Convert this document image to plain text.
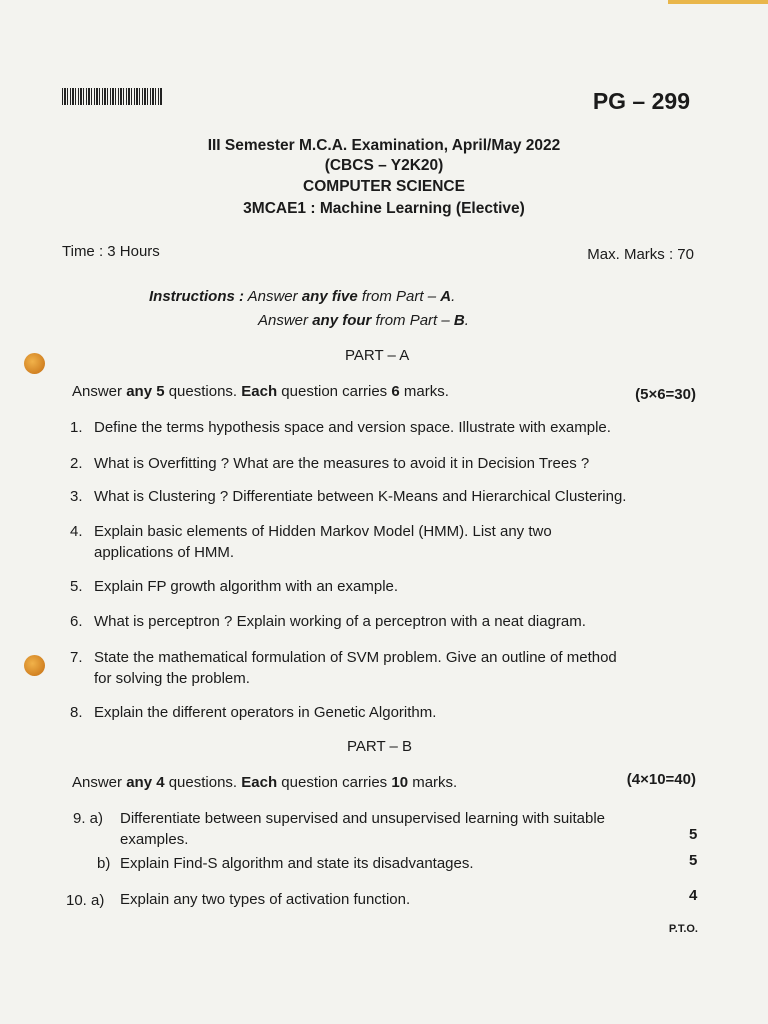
PG – 299
III Semester M.C.A. Examination, April/May 2022
(CBCS – Y2K20)
COMPUTER SCIENCE
3MCAE1 : Machine Learning (Elective)
Time : 3 Hours	Max. Marks : 70
Instructions : Answer any five from Part – A.
Answer any four from Part – B.
PART – A
Answer any 5 questions. Each question carries 6 marks.	(5×6=30)
1. Define the terms hypothesis space and version space. Illustrate with example.
2. What is Overfitting ? What are the measures to avoid it in Decision Trees ?
3. What is Clustering ? Differentiate between K-Means and Hierarchical Clustering.
4. Explain basic elements of Hidden Markov Model (HMM). List any two applications of HMM.
5. Explain FP growth algorithm with an example.
6. What is perceptron ? Explain working of a perceptron with a neat diagram.
7. State the mathematical formulation of SVM problem. Give an outline of method for solving the problem.
8. Explain the different operators in Genetic Algorithm.
PART – B
Answer any 4 questions. Each question carries 10 marks.	(4×10=40)
9. a) Differentiate between supervised and unsupervised learning with suitable examples.	5
b) Explain Find-S algorithm and state its disadvantages.	5
10. a) Explain any two types of activation function.	4
P.T.O.
